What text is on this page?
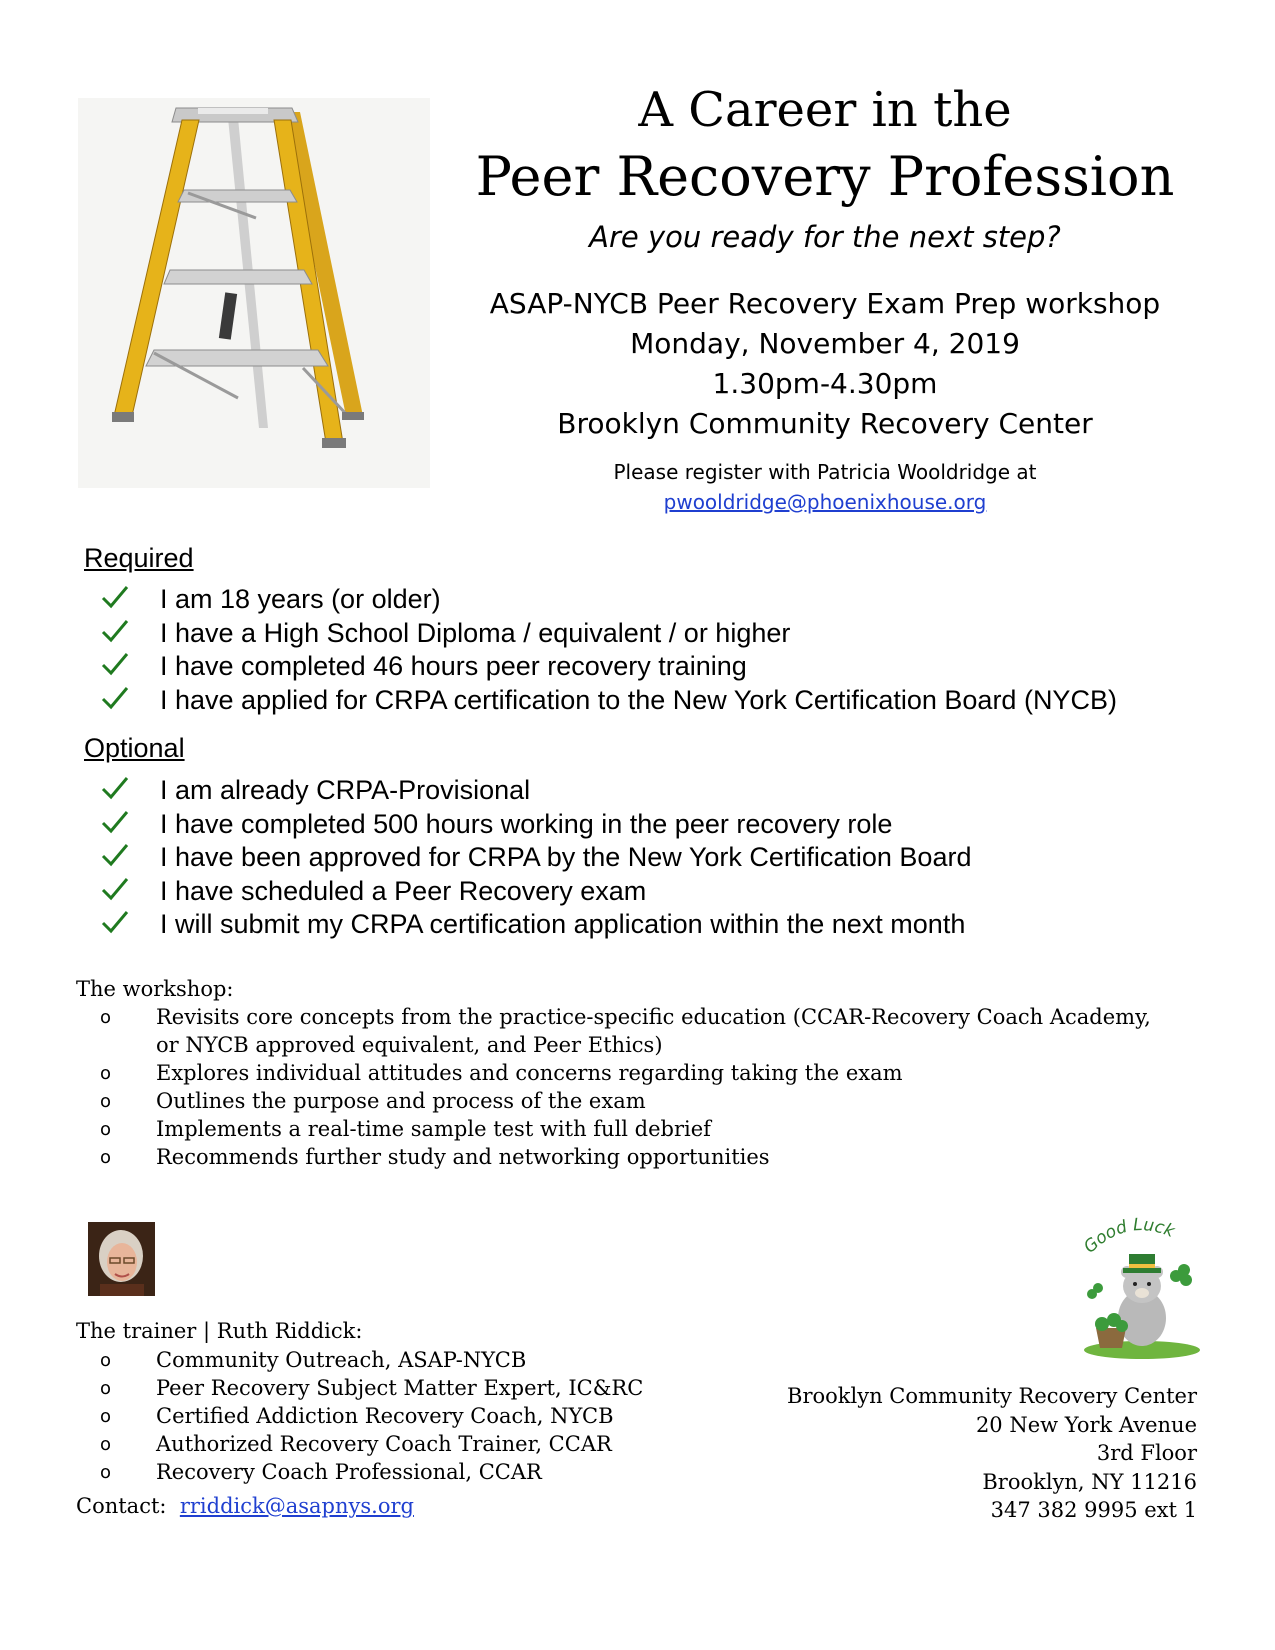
A Career in the
Peer Recovery Profession
Are you ready for the next step?
ASAP-NYCB Peer Recovery Exam Prep workshop
Monday, November 4, 2019
1.30pm-4.30pm
Brooklyn Community Recovery Center
Please register with Patricia Wooldridge at
pwooldridge@phoenixhouse.org
Required
I am 18 years (or older)
I have a High School Diploma / equivalent / or higher
I have completed 46 hours peer recovery training
I have applied for CRPA certification to the New York Certification Board (NYCB)
Optional
I am already CRPA-Provisional
I have completed 500 hours working in the peer recovery role
I have been approved for CRPA by the New York Certification Board
I have scheduled a Peer Recovery exam
I will submit my CRPA certification application within the next month
The workshop:
o Revisits core concepts from the practice-specific education (CCAR-Recovery Coach Academy, or NYCB approved equivalent, and Peer Ethics)
o Explores individual attitudes and concerns regarding taking the exam
o Outlines the purpose and process of the exam
o Implements a real-time sample test with full debrief
o Recommends further study and networking opportunities
The trainer | Ruth Riddick:
o Community Outreach, ASAP-NYCB
o Peer Recovery Subject Matter Expert, IC&RC
o Certified Addiction Recovery Coach, NYCB
o Authorized Recovery Coach Trainer, CCAR
o Recovery Coach Professional, CCAR
Contact: rriddick@asapnys.org
Good Luck
Brooklyn Community Recovery Center
20 New York Avenue
3rd Floor
Brooklyn, NY 11216
347 382 9995 ext 1
